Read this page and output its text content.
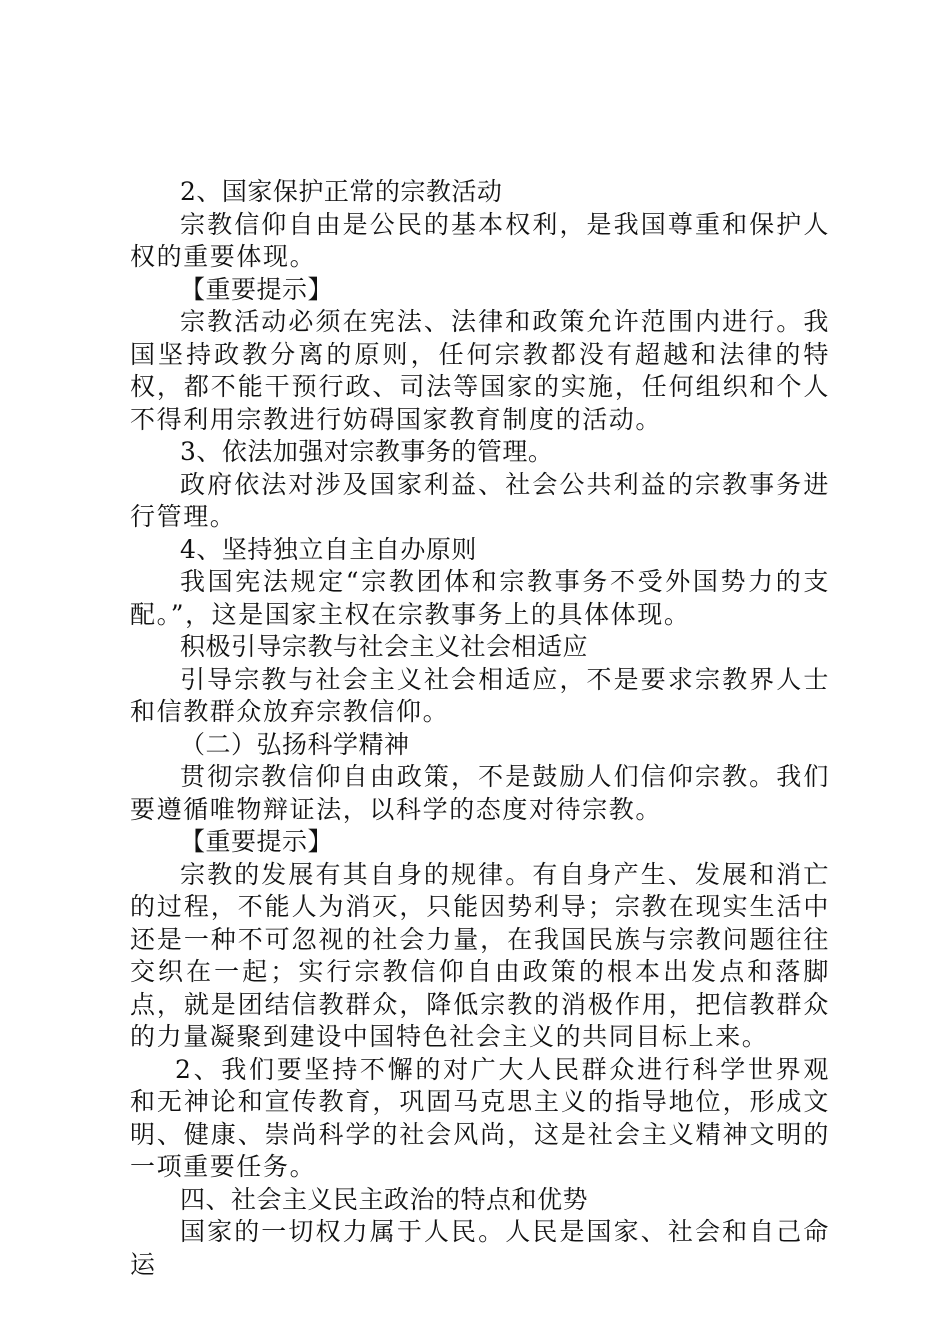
2、国家保护正常的宗教活动

宗教信仰自由是公民的基本权利，是我国尊重和保护人权的重要体现。

【重要提示】

宗教活动必须在宪法、法律和政策允许范围内进行。我国坚持政教分离的原则，任何宗教都没有超越和法律的特权，都不能干预行政、司法等国家的实施，任何组织和个人不得利用宗教进行妨碍国家教育制度的活动。

3、依法加强对宗教事务的管理。

政府依法对涉及国家利益、社会公共利益的宗教事务进行管理。

4、坚持独立自主自办原则

我国宪法规定“宗教团体和宗教事务不受外国势力的支配。”，这是国家主权在宗教事务上的具体体现。

积极引导宗教与社会主义社会相适应

引导宗教与社会主义社会相适应，不是要求宗教界人士和信教群众放弃宗教信仰。

（二）弘扬科学精神

贯彻宗教信仰自由政策，不是鼓励人们信仰宗教。我们要遵循唯物辩证法，以科学的态度对待宗教。

【重要提示】

宗教的发展有其自身的规律。有自身产生、发展和消亡的过程，不能人为消灭，只能因势利导；宗教在现实生活中还是一种不可忽视的社会力量，在我国民族与宗教问题往往交织在一起；实行宗教信仰自由政策的根本出发点和落脚点，就是团结信教群众，降低宗教的消极作用，把信教群众的力量凝聚到建设中国特色社会主义的共同目标上来。

2、我们要坚持不懈的对广大人民群众进行科学世界观和无神论和宣传教育，巩固马克思主义的指导地位，形成文明、健康、崇尚科学的社会风尚，这是社会主义精神文明的一项重要任务。

四、社会主义民主政治的特点和优势

国家的一切权力属于人民。人民是国家、社会和自己命运
